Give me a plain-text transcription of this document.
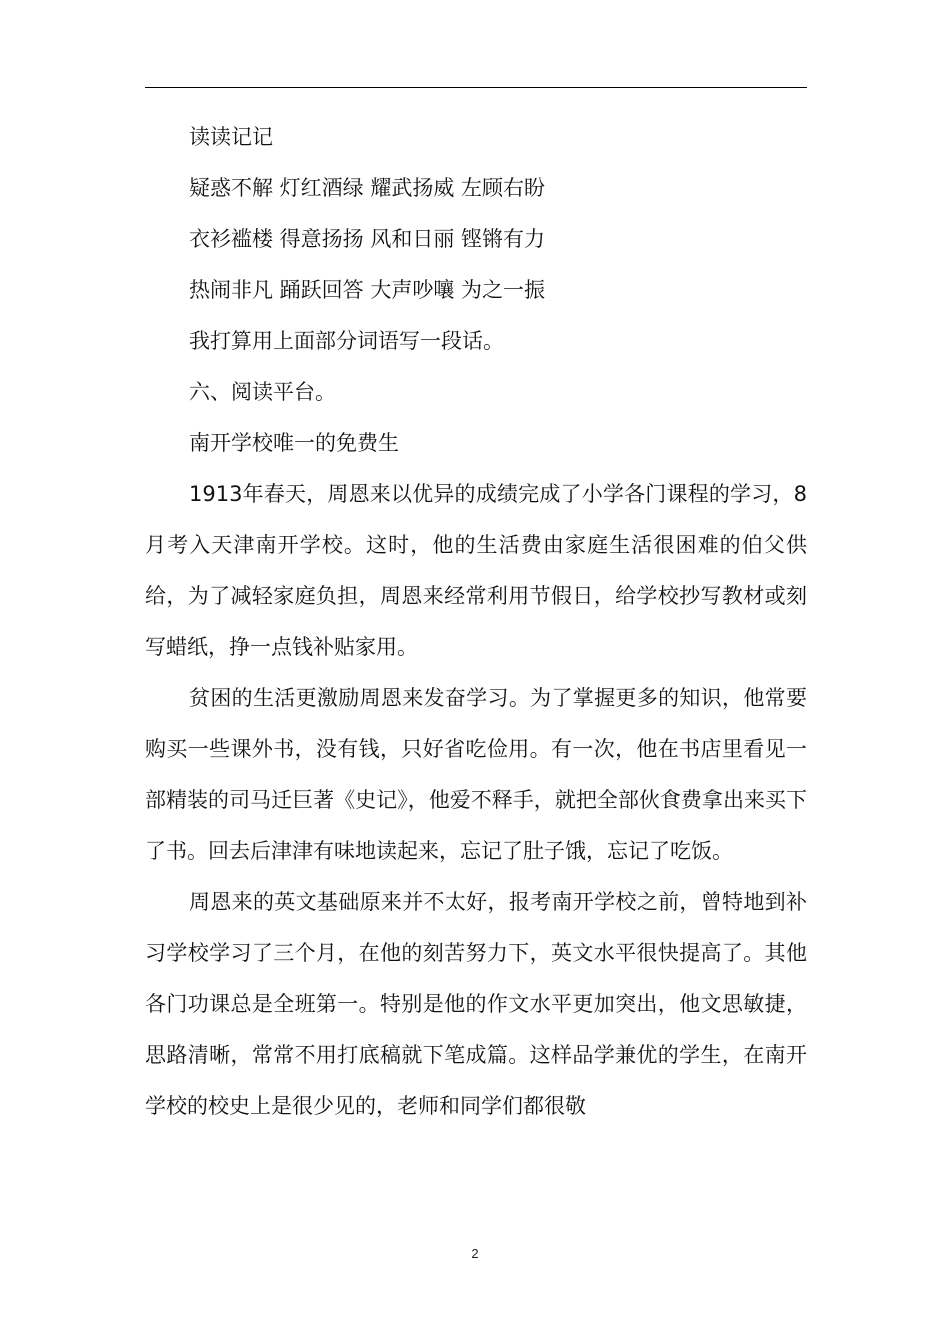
读读记记

疑惑不解 灯红酒绿 耀武扬威 左顾右盼

衣衫褴楼 得意扬扬 风和日丽 铿锵有力

热闹非凡 踊跃回答 大声吵嚷 为之一振

我打算用上面部分词语写一段话。

六、阅读平台。

南开学校唯一的免费生

1913年春天，周恩来以优异的成绩完成了小学各门课程的学习，8月考入天津南开学校。这时，他的生活费由家庭生活很困难的伯父供给，为了减轻家庭负担，周恩来经常利用节假日，给学校抄写教材或刻写蜡纸，挣一点钱补贴家用。

贫困的生活更激励周恩来发奋学习。为了掌握更多的知识，他常要购买一些课外书，没有钱，只好省吃俭用。有一次，他在书店里看见一部精装的司马迁巨著《史记》，他爱不释手，就把全部伙食费拿出来买下了书。回去后津津有味地读起来，忘记了肚子饿，忘记了吃饭。

周恩来的英文基础原来并不太好，报考南开学校之前，曾特地到补习学校学习了三个月，在他的刻苦努力下，英文水平很快提高了。其他各门功课总是全班第一。特别是他的作文水平更加突出，他文思敏捷，思路清晰，常常不用打底稿就下笔成篇。这样品学兼优的学生，在南开学校的校史上是很少见的，老师和同学们都很敬

2
